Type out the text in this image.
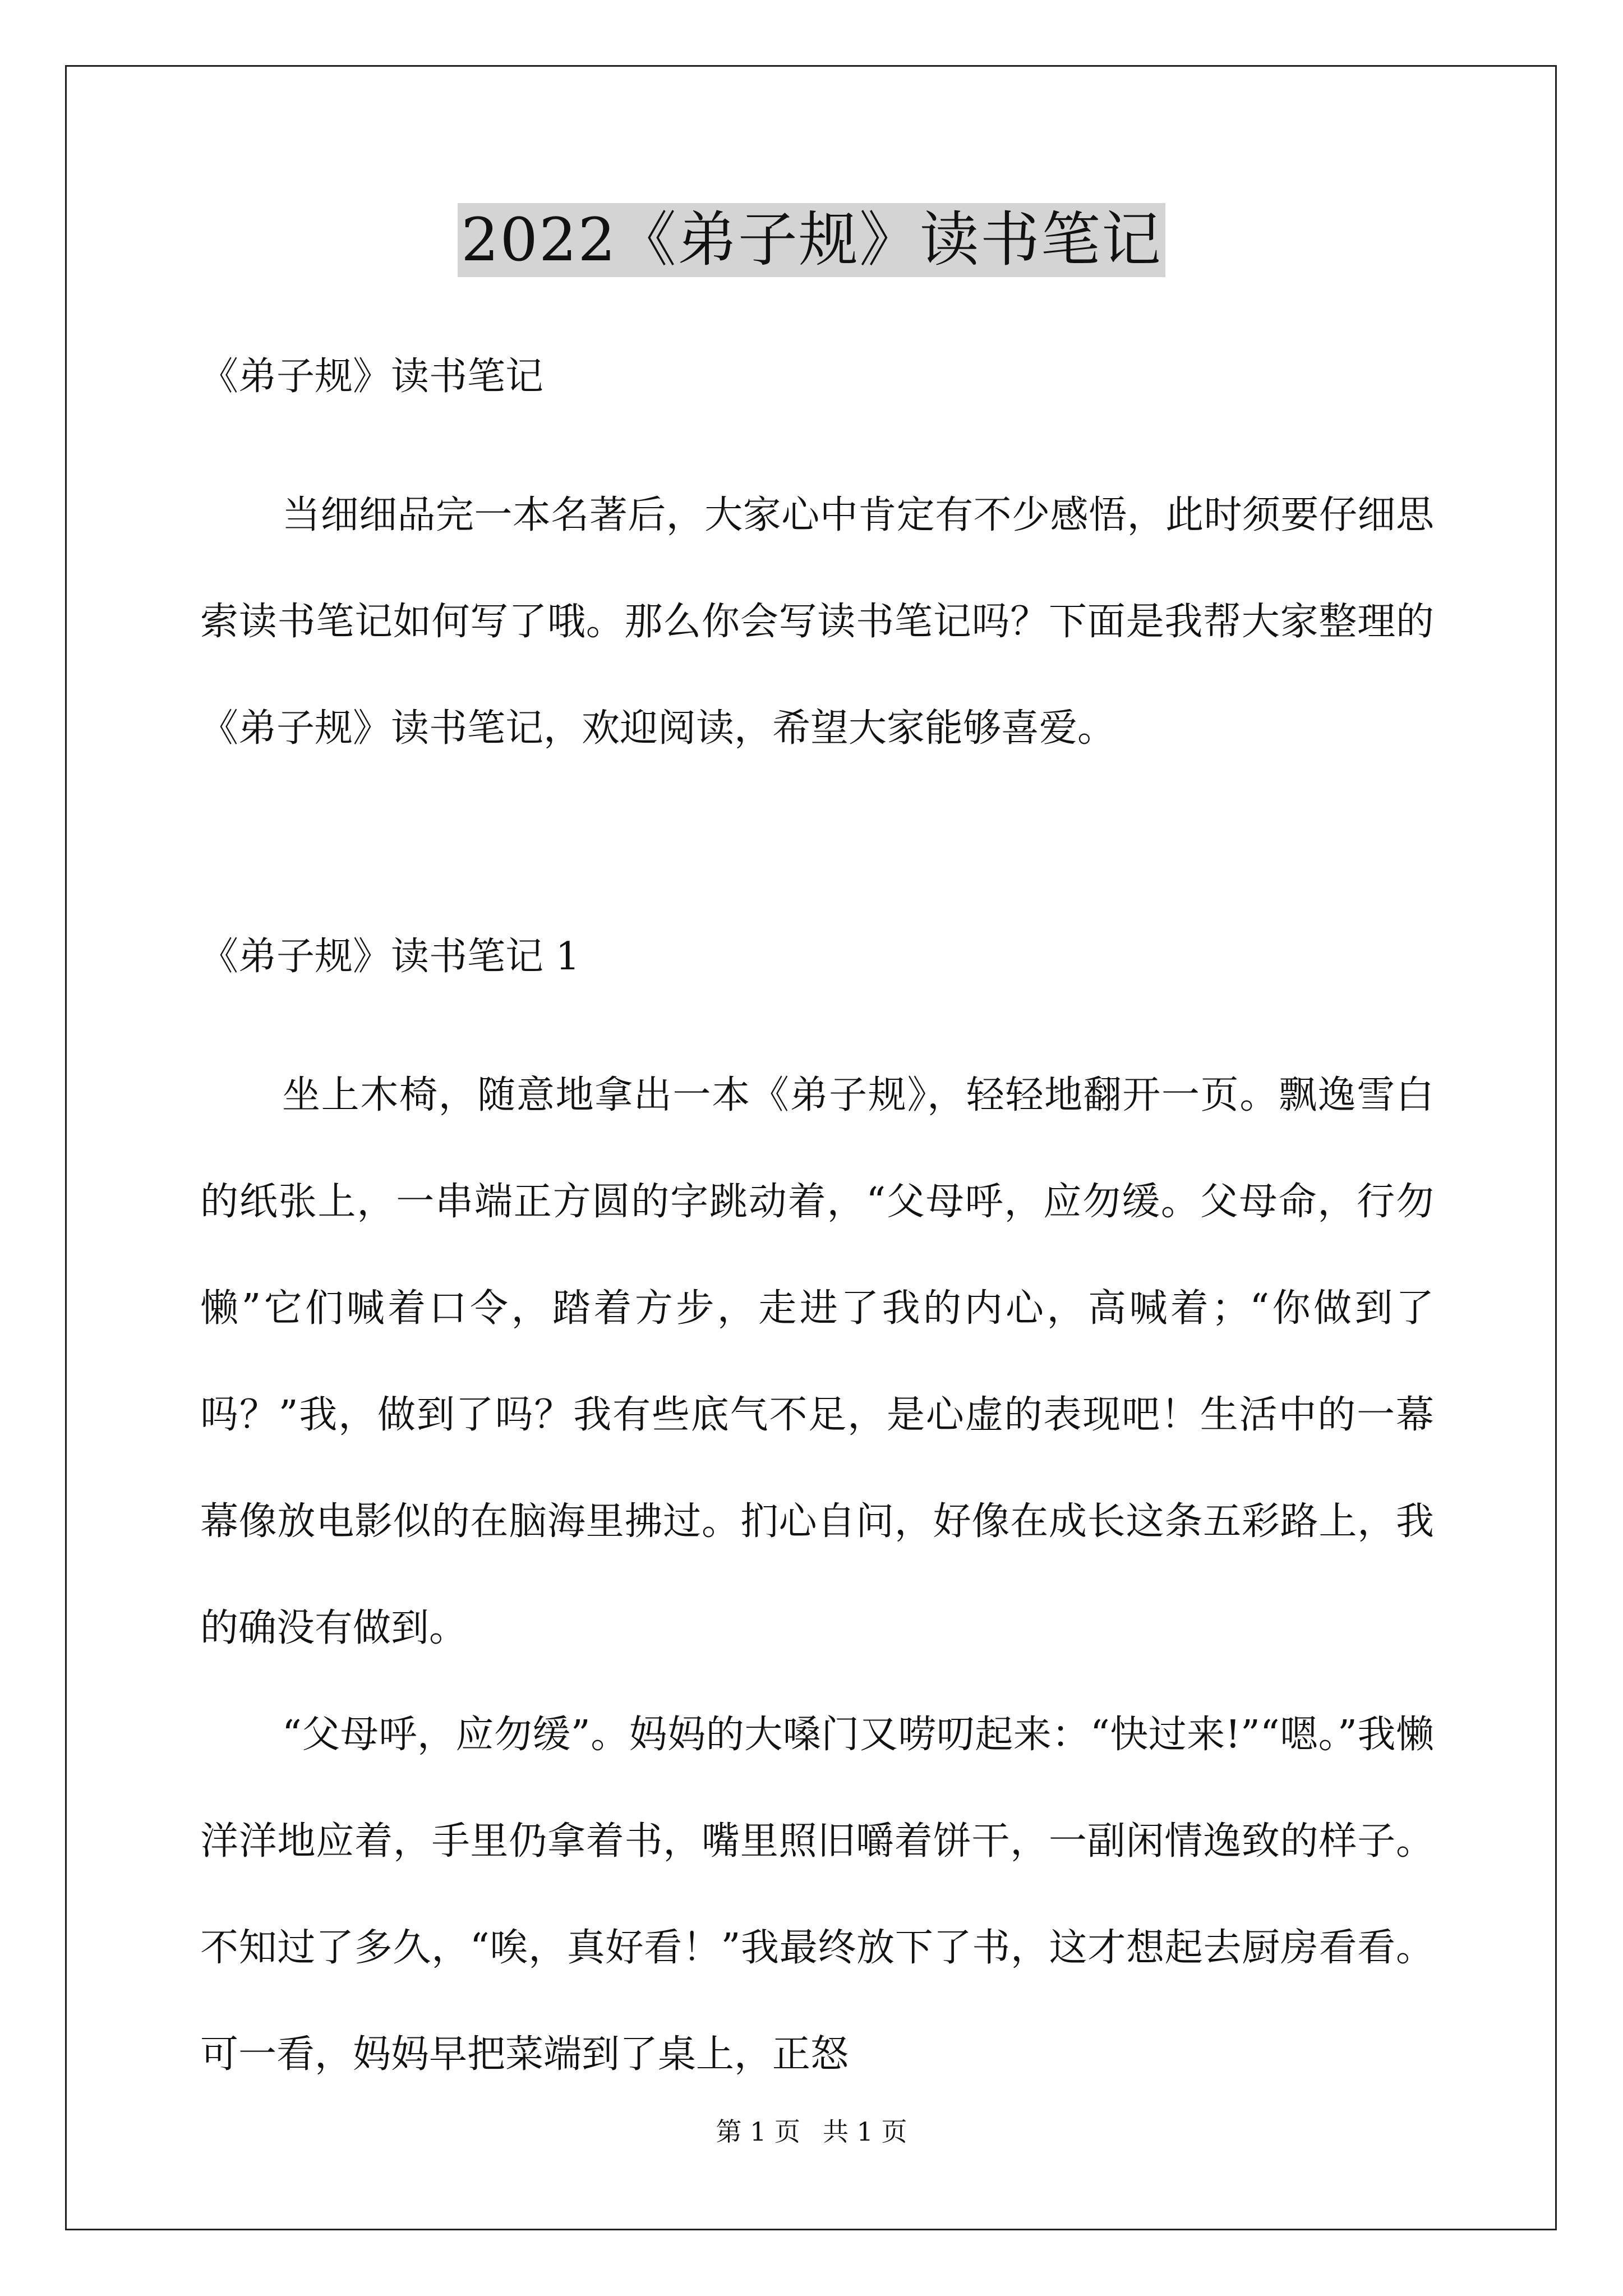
2022《弟子规》读书笔记

《弟子规》读书笔记

当细细品完一本名著后，大家心中肯定有不少感悟，此时须要仔细思索读书笔记如何写了哦。那么你会写读书笔记吗？下面是我帮大家整理的《弟子规》读书笔记，欢迎阅读，希望大家能够喜爱。

《弟子规》读书笔记 1

坐上木椅，随意地拿出一本《弟子规》，轻轻地翻开一页。飘逸雪白的纸张上，一串端正方圆的字跳动着，“父母呼，应勿缓。父母命，行勿懒”它们喊着口令，踏着方步，走进了我的内心，高喊着；“你做到了吗？”我，做到了吗？我有些底气不足，是心虚的表现吧！生活中的一幕幕像放电影似的在脑海里拂过。扪心自问，好像在成长这条五彩路上，我的确没有做到。

“父母呼，应勿缓”。妈妈的大嗓门又唠叨起来：“快过来!”“嗯。”我懒洋洋地应着，手里仍拿着书，嘴里照旧嚼着饼干，一副闲情逸致的样子。不知过了多久，“唉，真好看！”我最终放下了书，这才想起去厨房看看。可一看，妈妈早把菜端到了桌上，正怒

第 1 页 共 1 页
